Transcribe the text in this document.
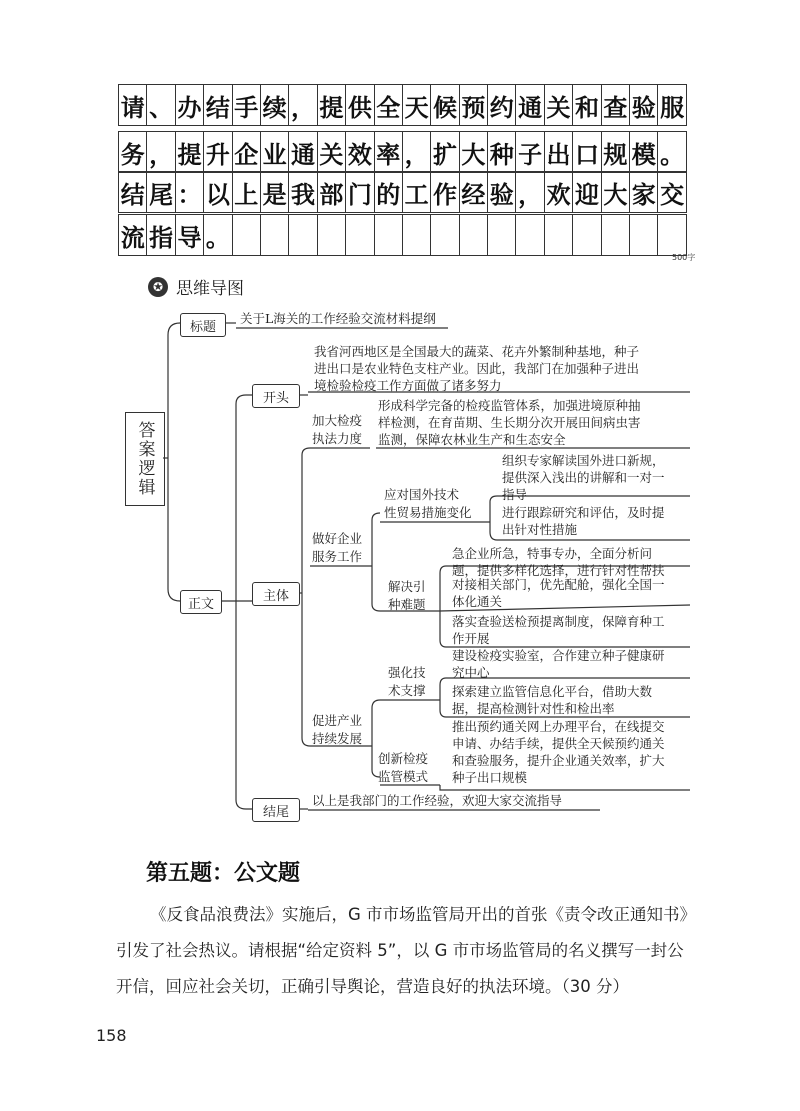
请 、 办 结 手 续 ， 提 供 全 天 候 预 约 通 关 和 查 验 服
务 ， 提 升 企 业 通 关 效 率 ， 扩 大 种 子 出 口 规 模 。
结 尾 ： 以 上 是 我 部 门 的 工 作 经 验 ， 欢 迎 大 家 交
流 指 导 。
500字
✪ 思维导图
答案逻辑
标题
关于L海关的工作经验交流材料提纲
正文
开头
我省河西地区是全国最大的蔬菜、花卉外繁制种基地，种子
进出口是农业特色支柱产业。因此，我部门在加强种子进出
境检验检疫工作方面做了诸多努力
主体
加大检疫
执法力度
形成科学完备的检疫监管体系，加强进境原种抽
样检测，在育苗期、生长期分次开展田间病虫害
监测，保障农林业生产和生态安全
做好企业
服务工作
应对国外技术
性贸易措施变化
组织专家解读国外进口新规，
提供深入浅出的讲解和一对一
指导
进行跟踪研究和评估，及时提
出针对性措施
解决引
种难题
急企业所急，特事专办，全面分析问
题，提供多样化选择，进行针对性帮扶
对接相关部门，优先配舱，强化全国一
体化通关
落实查验送检预提离制度，保障育种工
作开展
促进产业
持续发展
强化技
术支撑
建设检疫实验室，合作建立种子健康研
究中心
探索建立监管信息化平台，借助大数
据，提高检测针对性和检出率
创新检疫
监管模式
推出预约通关网上办理平台，在线提交
申请、办结手续，提供全天候预约通关
和查验服务，提升企业通关效率，扩大
种子出口规模
结尾
以上是我部门的工作经验，欢迎大家交流指导
第五题：公文题
《反食品浪费法》实施后，G 市市场监管局开出的首张《责令改正通知书》引发了社会热议。请根据“给定资料 5”，以 G 市市场监管局的名义撰写一封公开信，回应社会关切，正确引导舆论，营造良好的执法环境。（30 分）
158
